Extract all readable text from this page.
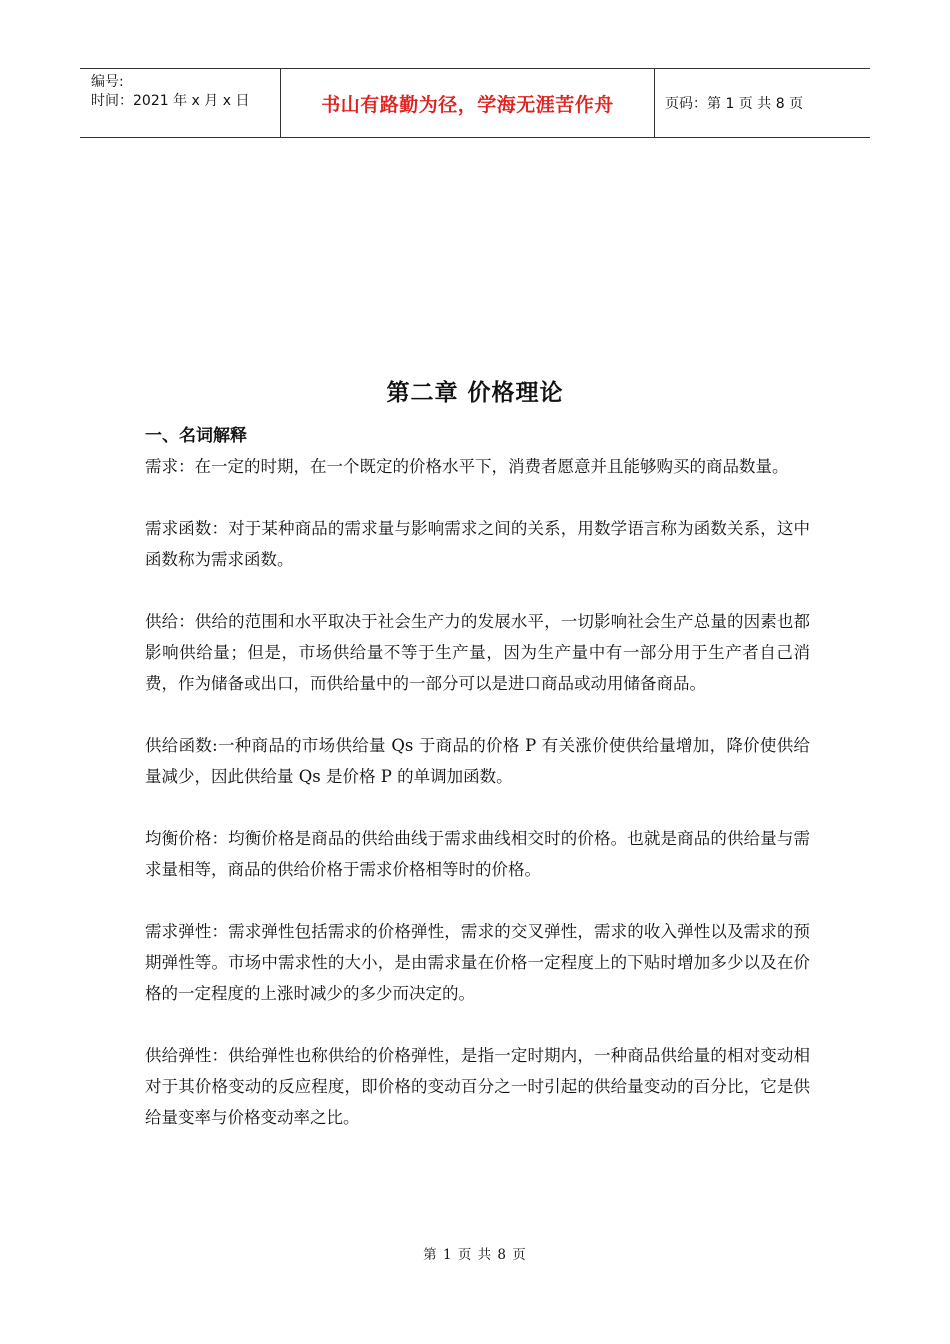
编号:
时间：2021 年 x 月 x 日	书山有路勤为径，学海无涯苦作舟	页码：第 1 页 共 8 页
第二章 价格理论
一、名词解释

需求：在一定的时期，在一个既定的价格水平下，消费者愿意并且能够购买的商品数量。

需求函数：对于某种商品的需求量与影响需求之间的关系，用数学语言称为函数关系，这中函数称为需求函数。

供给：供给的范围和水平取决于社会生产力的发展水平，一切影响社会生产总量的因素也都影响供给量；但是，市场供给量不等于生产量，因为生产量中有一部分用于生产者自己消费，作为储备或出口，而供给量中的一部分可以是进口商品或动用储备商品。

供给函数:一种商品的市场供给量 Qs 于商品的价格 P 有关涨价使供给量增加，降价使供给量减少，因此供给量 Qs 是价格 P 的单调加函数。

均衡价格：均衡价格是商品的供给曲线于需求曲线相交时的价格。也就是商品的供给量与需求量相等，商品的供给价格于需求价格相等时的价格。

需求弹性：需求弹性包括需求的价格弹性，需求的交叉弹性，需求的收入弹性以及需求的预期弹性等。市场中需求性的大小，是由需求量在价格一定程度上的下贴时增加多少以及在价格的一定程度的上涨时减少的多少而决定的。

供给弹性：供给弹性也称供给的价格弹性，是指一定时期内，一种商品供给量的相对变动相对于其价格变动的反应程度，即价格的变动百分之一时引起的供给量变动的百分比，它是供给量变率与价格变动率之比。

第 1 页 共 8 页
